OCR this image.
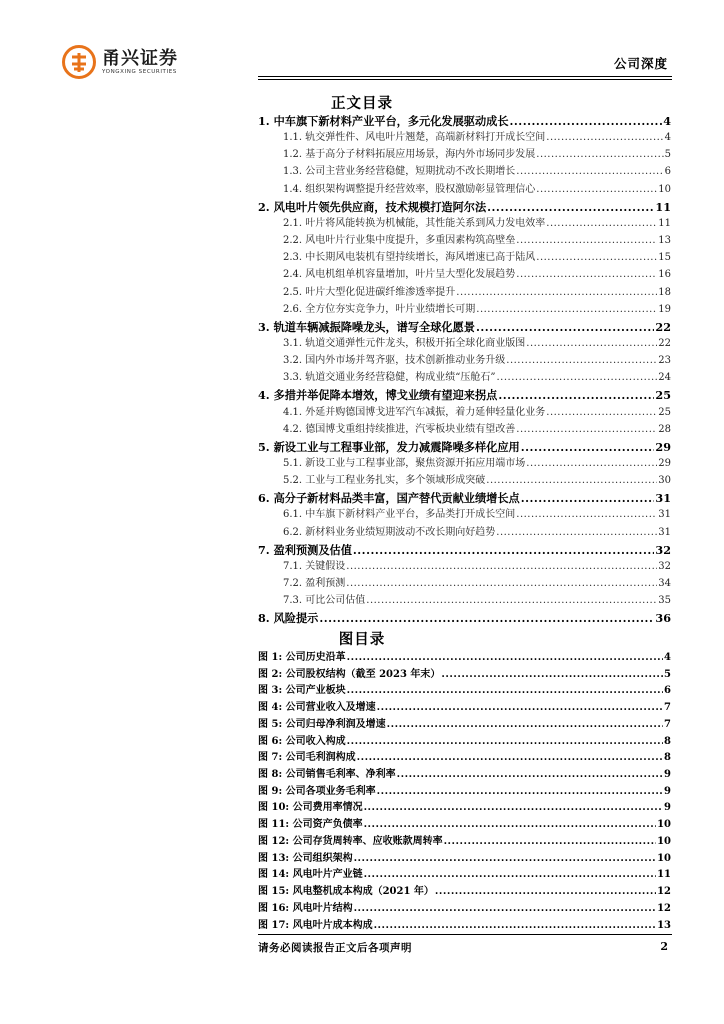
甬兴证券
YONGXING SECURITIES
公司深度
正文目录
1. 中车旗下新材料产业平台，多元化发展驱动成长 .....	4
1.1. 轨交弹性件、风电叶片翘楚，高端新材料打开成长空间 .....	4
1.2. 基于高分子材料拓展应用场景，海内外市场同步发展 .....	5
1.3. 公司主营业务经营稳健，短期扰动不改长期增长 .....	6
1.4. 组织架构调整提升经营效率，股权激励彰显管理信心 .....	10
2. 风电叶片领先供应商，技术规模打造阿尔法 .....	11
2.1. 叶片将风能转换为机械能，其性能关系到风力发电效率 .....	11
2.2. 风电叶片行业集中度提升，多重因素构筑高壁垒 .....	13
2.3. 中长期风电装机有望持续增长，海风增速已高于陆风 .....	15
2.4. 风电机组单机容量增加，叶片呈大型化发展趋势 .....	16
2.5. 叶片大型化促进碳纤维渗透率提升 .....	18
2.6. 全方位夯实竞争力，叶片业绩增长可期 .....	19
3. 轨道车辆减振降噪龙头，谱写全球化愿景 .....	22
3.1. 轨道交通弹性元件龙头，积极开拓全球化商业版图 .....	22
3.2. 国内外市场并驾齐驱，技术创新推动业务升级 .....	23
3.3. 轨道交通业务经营稳健，构成业绩“压舱石” .....	24
4. 多措并举促降本增效，博戈业绩有望迎来拐点 .....	25
4.1. 外延并购德国博戈进军汽车减振，着力延伸轻量化业务 .....	25
4.2. 德国博戈重组持续推进，汽零板块业绩有望改善 .....	28
5. 新设工业与工程事业部，发力减震降噪多样化应用 .....	29
5.1. 新设工业与工程事业部，聚焦资源开拓应用端市场 .....	29
5.2. 工业与工程业务扎实，多个领域形成突破 .....	30
6. 高分子新材料品类丰富，国产替代贡献业绩增长点 .....	31
6.1. 中车旗下新材料产业平台，多品类打开成长空间 .....	31
6.2. 新材料业务业绩短期波动不改长期向好趋势 .....	31
7. 盈利预测及估值 .....	32
7.1. 关键假设 .....	32
7.2. 盈利预测 .....	34
7.3. 可比公司估值 .....	35
8. 风险提示 .....	36
图目录
图 1: 公司历史沿革 .....	4
图 2: 公司股权结构（截至 2023 年末） .....	5
图 3: 公司产业板块 .....	6
图 4: 公司营业收入及增速 .....	7
图 5: 公司归母净利润及增速 .....	7
图 6: 公司收入构成 .....	8
图 7: 公司毛利润构成 .....	8
图 8: 公司销售毛利率、净利率 .....	9
图 9: 公司各项业务毛利率 .....	9
图 10: 公司费用率情况 .....	9
图 11: 公司资产负债率 .....	10
图 12: 公司存货周转率、应收账款周转率 .....	10
图 13: 公司组织架构 .....	10
图 14: 风电叶片产业链 .....	11
图 15: 风电整机成本构成（2021 年） .....	12
图 16: 风电叶片结构 .....	12
图 17: 风电叶片成本构成 .....	13
请务必阅读报告正文后各项声明	2
